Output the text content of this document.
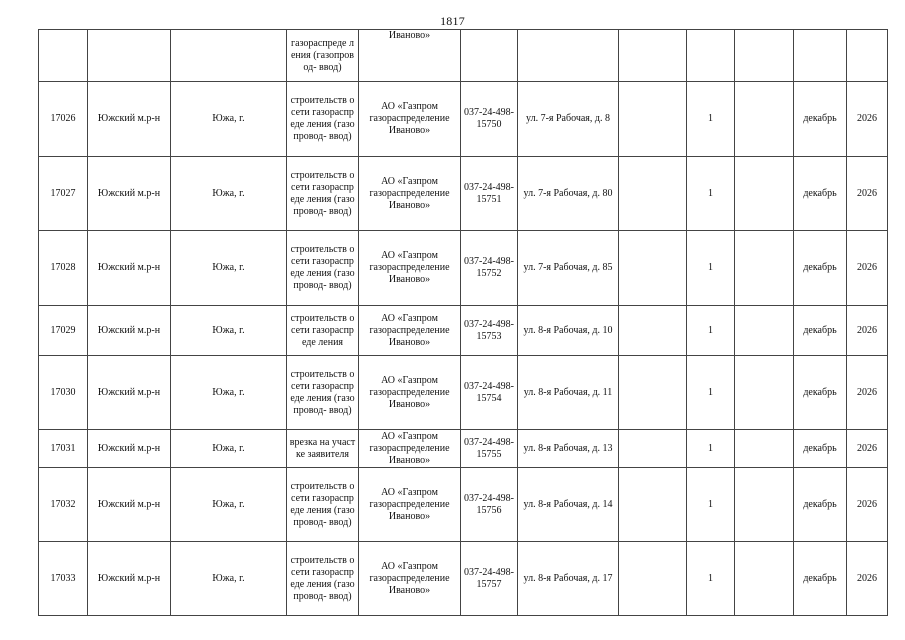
1817
			газораспреде ления (газопровод- ввод)	Иваново»							
17026	Южский м.р-н	Южа, г.	строительств о сети газораспреде ления (газопровод- ввод)	АО «Газпром газораспределение Иваново»	037-24-498-15750	ул. 7-я Рабочая, д. 8		1		декабрь	2026
17027	Южский м.р-н	Южа, г.	строительств о сети газораспреде ления (газопровод- ввод)	АО «Газпром газораспределение Иваново»	037-24-498-15751	ул. 7-я Рабочая, д. 80		1		декабрь	2026
17028	Южский м.р-н	Южа, г.	строительств о сети газораспреде ления (газопровод- ввод)	АО «Газпром газораспределение Иваново»	037-24-498-15752	ул. 7-я Рабочая, д. 85		1		декабрь	2026
17029	Южский м.р-н	Южа, г.	строительств о сети газораспреде ления	АО «Газпром газораспределение Иваново»	037-24-498-15753	ул. 8-я Рабочая, д. 10		1		декабрь	2026
17030	Южский м.р-н	Южа, г.	строительств о сети газораспреде ления (газопровод- ввод)	АО «Газпром газораспределение Иваново»	037-24-498-15754	ул. 8-я Рабочая, д. 11		1		декабрь	2026
17031	Южский м.р-н	Южа, г.	врезка на участке заявителя	АО «Газпром газораспределение Иваново»	037-24-498-15755	ул. 8-я Рабочая, д. 13		1		декабрь	2026
17032	Южский м.р-н	Южа, г.	строительств о сети газораспреде ления (газопровод- ввод)	АО «Газпром газораспределение Иваново»	037-24-498-15756	ул. 8-я Рабочая, д. 14		1		декабрь	2026
17033	Южский м.р-н	Южа, г.	строительств о сети газораспреде ления (газопровод- ввод)	АО «Газпром газораспределение Иваново»	037-24-498-15757	ул. 8-я Рабочая, д. 17		1		декабрь	2026
